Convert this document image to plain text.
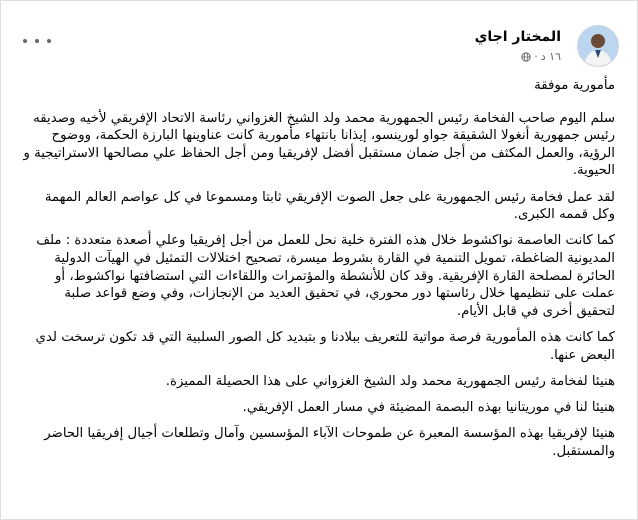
المختار اجاي
١٦ د
·

مأمورية موفقة

سلم اليوم صاحب الفخامة رئيس الجمهورية محمد ولد الشيخ الغزواني رئاسة الاتحاد الإفريقي لأخيه وصديقه رئيس جمهورية أنغولا الشقيقة جواو لورينسو، إيذانا بانتهاء مأمورية كانت عناوينها البارزة الحكمة، ووضوح الرؤية، والعمل المكثف من أجل ضمان مستقبل أفضل لإفريقيا ومن أجل الحفاظ علي مصالحها الاستراتيجية و الحيوية.

لقد عمل فخامة رئيس الجمهورية على جعل الصوت الإفريقي ثابتا ومسموعا في كل عواصم العالم المهمة وكل قممه الكبرى.

كما كانت العاصمة نواكشوط خلال هذه الفترة خلية نحل للعمل من أجل إفريقيا وعلي أصعدة متعددة : ملف المديونية الضاغطة، تمويل التنمية في القارة بشروط ميسرة، تصحيح اختلالات التمثيل في الهيآت الدولية الحائرة لمصلحة القارة الإفريقية. وقد كان للأنشطة والمؤتمرات واللقاءات التي استضافتها نواكشوط، أو عملت على تنظيمها خلال رئاستها دور محوري، في تحقيق العديد من الإنجازات، وفي وضع قواعد صلبة لتحقيق أخرى في قابل الأيام.

كما كانت هذه المأمورية فرصة مواتية للتعريف ببلادنا و بتبديد كل الصور السلبية التي قد تكون ترسخت لدي البعض عنها.

هنيئا لفخامة رئيس الجمهورية محمد ولد الشيخ الغزواني على هذا الحصيلة المميزة.

هنيئا لنا في موريتانيا بهذه البصمة المضيئة في مسار العمل الإفريقي.

هنيئا لإفريقيا بهذه المؤسسة المعبرة عن طموحات الآباء المؤسسين وآمال وتطلعات أجيال إفريقيا الحاضر والمستقبل.
